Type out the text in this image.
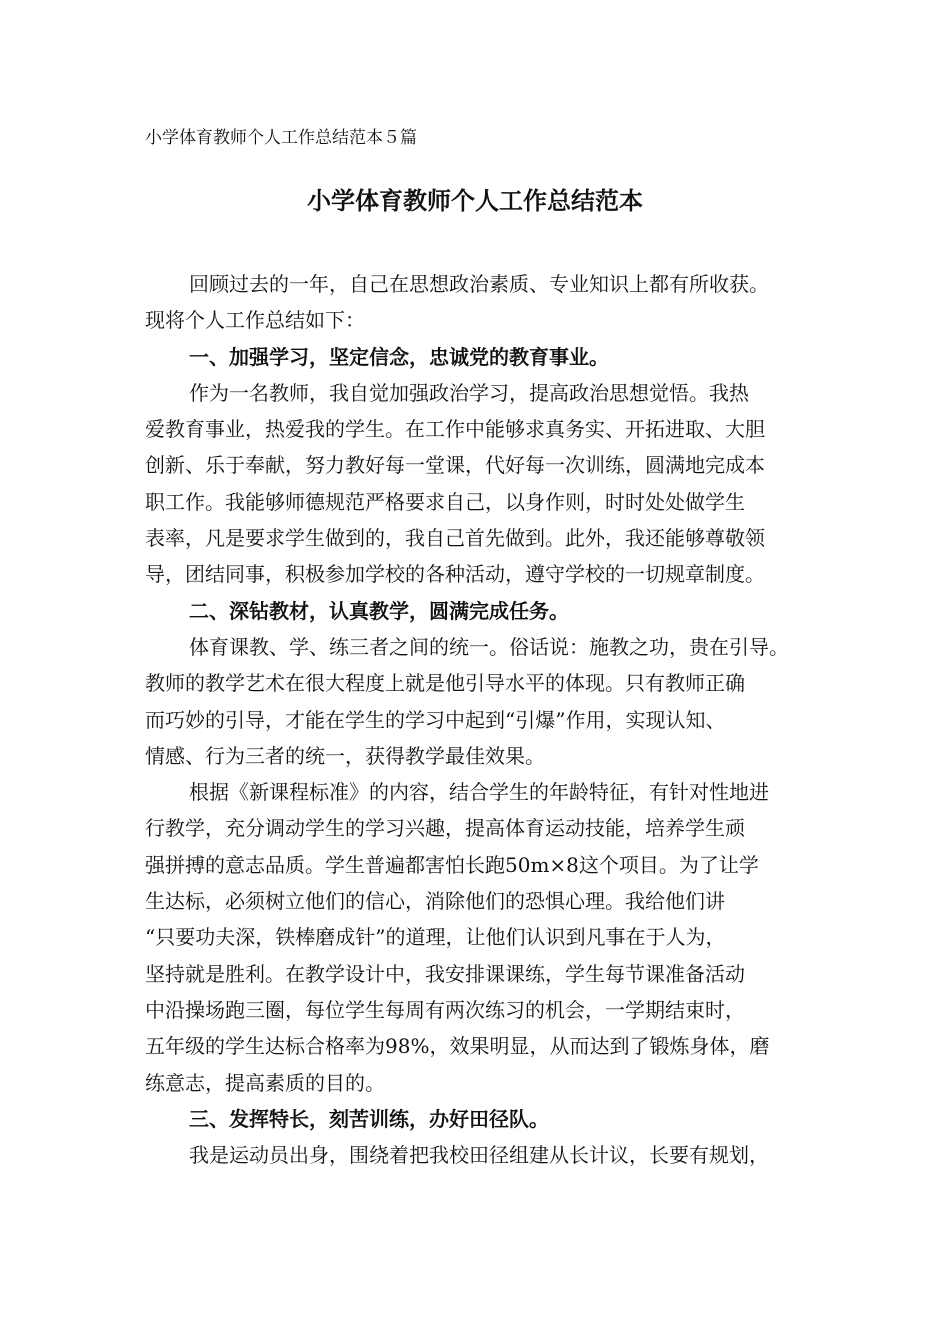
小学体育教师个人工作总结范本５篇
小学体育教师个人工作总结范本
回顾过去的一年，自己在思想政治素质、专业知识上都有所收获。
现将个人工作总结如下：
一、加强学习，坚定信念，忠诚党的教育事业。
作为一名教师，我自觉加强政治学习，提高政治思想觉悟。我热
爱教育事业，热爱我的学生。在工作中能够求真务实、开拓进取、大胆
创新、乐于奉献，努力教好每一堂课，代好每一次训练，圆满地完成本
职工作。我能够师德规范严格要求自己，以身作则，时时处处做学生
表率，凡是要求学生做到的，我自己首先做到。此外，我还能够尊敬领
导，团结同事，积极参加学校的各种活动，遵守学校的一切规章制度。
二、深钻教材，认真教学，圆满完成任务。
体育课教、学、练三者之间的统一。俗话说：施教之功，贵在引导。
教师的教学艺术在很大程度上就是他引导水平的体现。只有教师正确
而巧妙的引导，才能在学生的学习中起到“引爆”作用，实现认知、
情感、行为三者的统一，获得教学最佳效果。
根据《新课程标准》的内容，结合学生的年龄特征，有针对性地进
行教学，充分调动学生的学习兴趣，提高体育运动技能，培养学生顽
强拼搏的意志品质。学生普遍都害怕长跑50m×8这个项目。为了让学
生达标，必须树立他们的信心，消除他们的恐惧心理。我给他们讲
“只要功夫深，铁棒磨成针”的道理，让他们认识到凡事在于人为，
坚持就是胜利。在教学设计中，我安排课课练，学生每节课准备活动
中沿操场跑三圈，每位学生每周有两次练习的机会，一学期结束时，
五年级的学生达标合格率为98%，效果明显，从而达到了锻炼身体，磨
练意志，提高素质的目的。
三、发挥特长，刻苦训练，办好田径队。
我是运动员出身，围绕着把我校田径组建从长计议，长要有规划，
